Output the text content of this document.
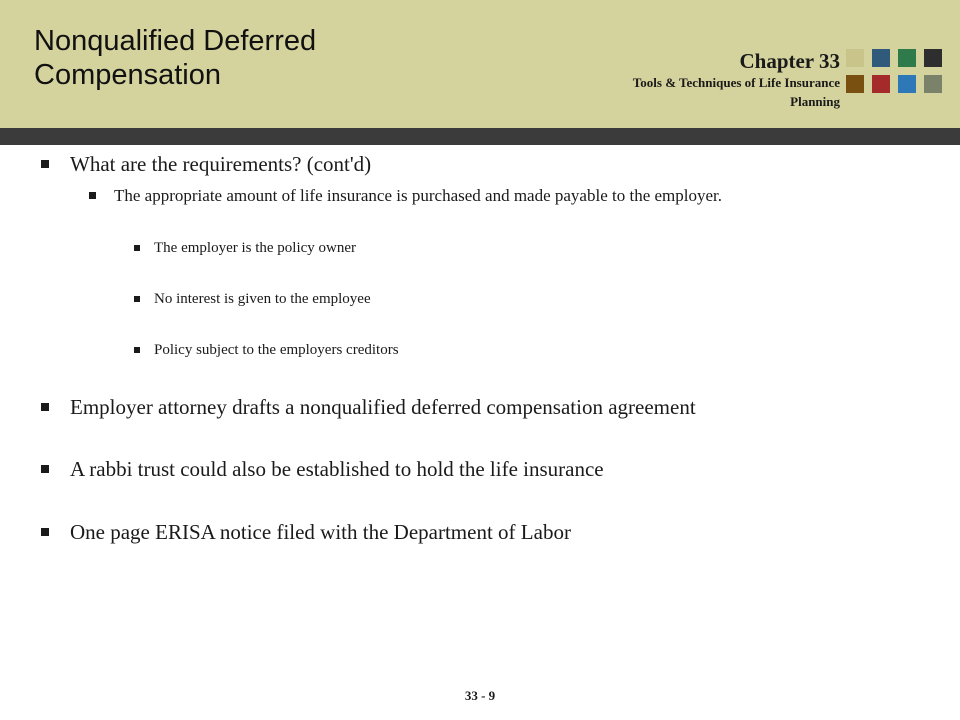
Nonqualified Deferred Compensation	Chapter 33
Tools & Techniques of Life Insurance Planning
What are the requirements? (cont'd)
The appropriate amount of life insurance is purchased and made payable to the employer.
The employer is the policy owner
No interest is given to the employee
Policy subject to the employers creditors
Employer attorney drafts a nonqualified deferred compensation agreement
A rabbi trust could also be established to hold the life insurance
One page ERISA notice filed with the Department of Labor
33 - 9
